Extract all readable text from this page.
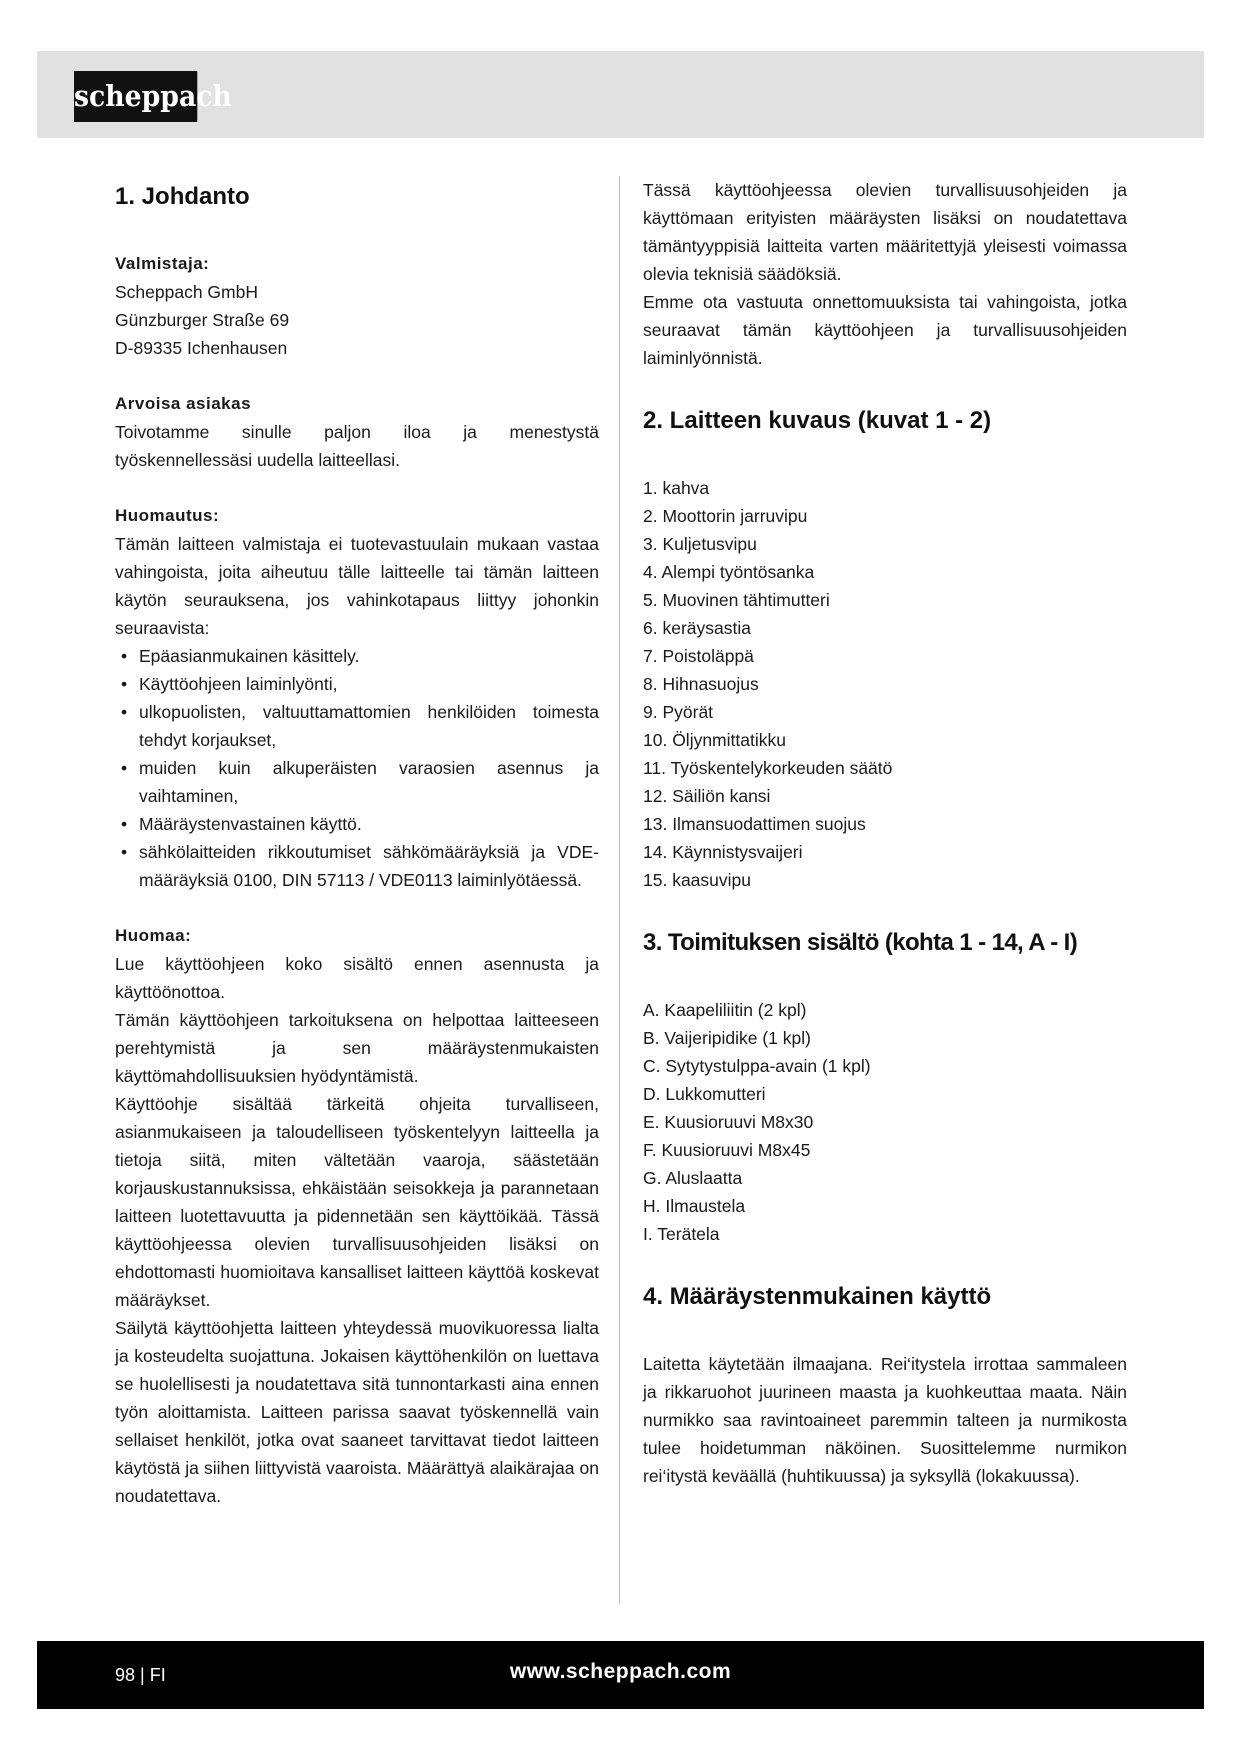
scheppach
1. Johdanto
Valmistaja:
Scheppach GmbH
Günzburger Straße 69
D-89335 Ichenhausen
Arvoisa asiakas

Toivotamme sinulle paljon iloa ja menestystä työskennellessäsi uudella laitteellasi.

Huomautus:

Tämän laitteen valmistaja ei tuotevastuulain mukaan vastaa vahingoista, joita aiheutuu tälle laitteelle tai tämän laitteen käytön seurauksena, jos vahinkotapaus liittyy johonkin seuraavista:

• Epäasianmukainen käsittely.
• Käyttöohjeen laiminlyönti,
• ulkopuolisten, valtuuttamattomien henkilöiden toimesta tehdyt korjaukset,
• muiden kuin alkuperäisten varaosien asennus ja vaihtaminen,
• Määräystenvastainen käyttö.
• sähkölaitteiden rikkoutumiset sähkömääräyksiä ja VDE-määräyksiä 0100, DIN 57113 / VDE0113 laiminlyötäessä.
Huomaa:

Lue käyttöohjeen koko sisältö ennen asennusta ja käyttöönottoa.

Tämän käyttöohjeen tarkoituksena on helpottaa laitteeseen perehtymistä ja sen määräystenmukaisten käyttömahdollisuuksien hyödyntämistä.

Käyttöohje sisältää tärkeitä ohjeita turvalliseen, asianmukaiseen ja taloudelliseen työskentelyyn laitteella ja tietoja siitä, miten vältetään vaaroja, säästetään korjauskustannuksissa, ehkäistään seisokkeja ja parannetaan laitteen luotettavuutta ja pidennetään sen käyttöikää. Tässä käyttöohjeessa olevien turvallisuusohjeiden lisäksi on ehdottomasti huomioitava kansalliset laitteen käyttöä koskevat määräykset.

Säilytä käyttöohjetta laitteen yhteydessä muovikuoressa lialta ja kosteudelta suojattuna. Jokaisen käyttöhenkilön on luettava se huolellisesti ja noudatettava sitä tunnontarkasti aina ennen työn aloittamista. Laitteen parissa saavat työskennellä vain sellaiset henkilöt, jotka ovat saaneet tarvittavat tiedot laitteen käytöstä ja siihen liittyvistä vaaroista. Määrättyä alaikärajaa on noudatettava.

Tässä käyttöohjeessa olevien turvallisuusohjeiden ja käyttömaan erityisten määräysten lisäksi on noudatettava tämäntyyppisiä laitteita varten määritettyjä yleisesti voimassa olevia teknisiä säädöksiä.

Emme ota vastuuta onnettomuuksista tai vahingoista, jotka seuraavat tämän käyttöohjeen ja turvallisuusohjeiden laiminlyönnistä.

2. Laitteen kuvaus (kuvat 1 - 2)
1. kahva
2. Moottorin jarruvipu
3. Kuljetusvipu
4. Alempi työntösanka
5. Muovinen tähtimutteri
6. keräysastia
7. Poistoläppä
8. Hihnasuojus
9. Pyörät
10. Öljynmittatikku
11. Työskentelykorkeuden säätö
12. Säiliön kansi
13. Ilmansuodattimen suojus
14. Käynnistysvaijeri
15. kaasuvipu
3. Toimituksen sisältö (kohta 1 - 14, A - I)
A. Kaapeliliitin (2 kpl)
B. Vaijeripidike (1 kpl)
C. Sytytystulppa-avain (1 kpl)
D. Lukkomutteri
E. Kuusioruuvi M8x30
F. Kuusioruuvi M8x45
G. Aluslaatta
H. Ilmaustela
I. Terätela
4. Määräystenmukainen käyttö

Laitetta käytetään ilmaajana. Rei‘itystela irrottaa sammaleen ja rikkaruohot juurineen maasta ja kuohkeuttaa maata. Näin nurmikko saa ravintoaineet paremmin talteen ja nurmikosta tulee hoidetumman näköinen. Suosittelemme nurmikon rei‘itystä keväällä (huhtikuussa) ja syksyllä (lokakuussa).

98 | FI	www.scheppach.com
